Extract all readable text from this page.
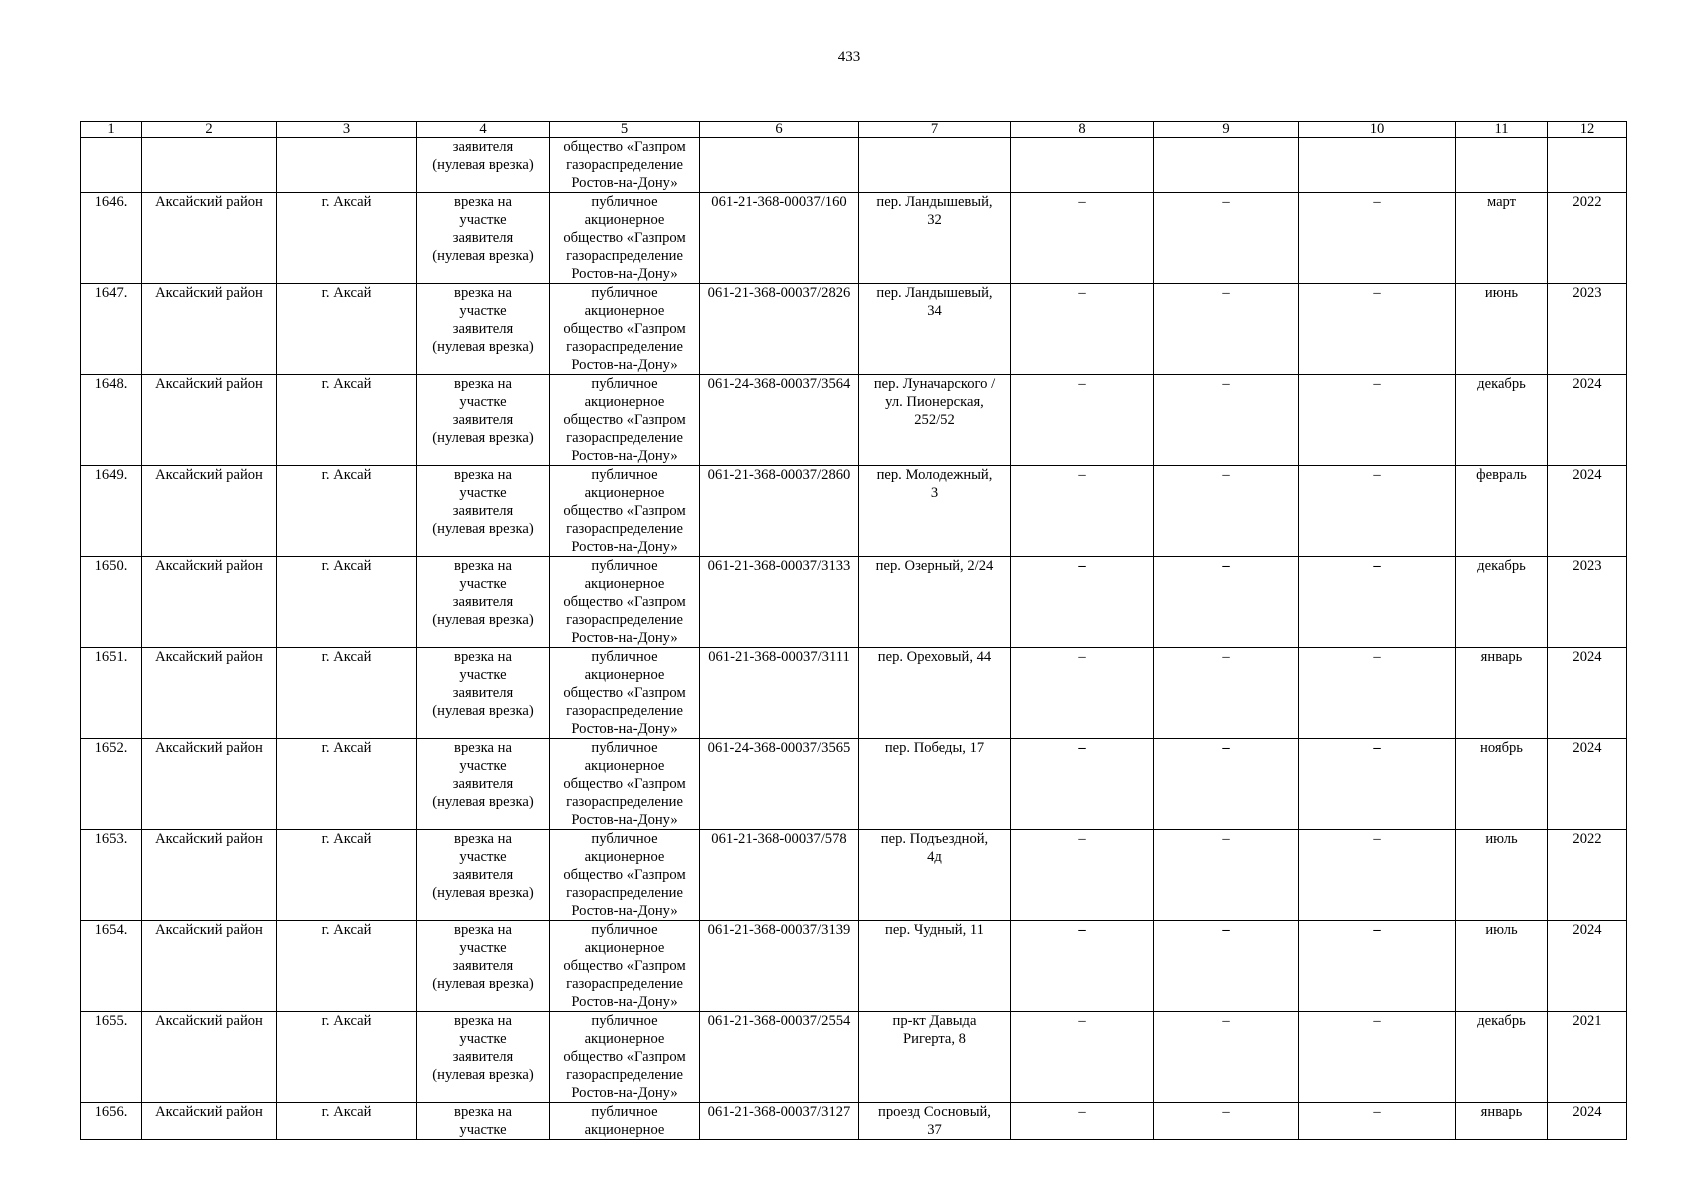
433
1	2	3	4	5	6	7	8	9	10	11	12
			заявителя
(нулевая врезка)	общество «Газпром
газораспределение
Ростов-на-Дону»							
1646.	Аксайский район	г. Аксай	врезка на
участке
заявителя
(нулевая врезка)	публичное
акционерное
общество «Газпром
газораспределение
Ростов-на-Дону»	061-21-368-00037/160	пер. Ландышевый,
32	–	–	–	март	2022
1647.	Аксайский район	г. Аксай	врезка на
участке
заявителя
(нулевая врезка)	публичное
акционерное
общество «Газпром
газораспределение
Ростов-на-Дону»	061-21-368-00037/2826	пер. Ландышевый,
34	–	–	–	июнь	2023
1648.	Аксайский район	г. Аксай	врезка на
участке
заявителя
(нулевая врезка)	публичное
акционерное
общество «Газпром
газораспределение
Ростов-на-Дону»	061-24-368-00037/3564	пер. Луначарского /
ул. Пионерская,
252/52	–	–	–	декабрь	2024
1649.	Аксайский район	г. Аксай	врезка на
участке
заявителя
(нулевая врезка)	публичное
акционерное
общество «Газпром
газораспределение
Ростов-на-Дону»	061-21-368-00037/2860	пер. Молодежный,
3	–	–	–	февраль	2024
1650.	Аксайский район	г. Аксай	врезка на
участке
заявителя
(нулевая врезка)	публичное
акционерное
общество «Газпром
газораспределение
Ростов-на-Дону»	061-21-368-00037/3133	пер. Озерный, 2/24	–	–	–	декабрь	2023
1651.	Аксайский район	г. Аксай	врезка на
участке
заявителя
(нулевая врезка)	публичное
акционерное
общество «Газпром
газораспределение
Ростов-на-Дону»	061-21-368-00037/3111	пер. Ореховый, 44	–	–	–	январь	2024
1652.	Аксайский район	г. Аксай	врезка на
участке
заявителя
(нулевая врезка)	публичное
акционерное
общество «Газпром
газораспределение
Ростов-на-Дону»	061-24-368-00037/3565	пер. Победы, 17	–	–	–	ноябрь	2024
1653.	Аксайский район	г. Аксай	врезка на
участке
заявителя
(нулевая врезка)	публичное
акционерное
общество «Газпром
газораспределение
Ростов-на-Дону»	061-21-368-00037/578	пер. Подъездной,
4д	–	–	–	июль	2022
1654.	Аксайский район	г. Аксай	врезка на
участке
заявителя
(нулевая врезка)	публичное
акционерное
общество «Газпром
газораспределение
Ростов-на-Дону»	061-21-368-00037/3139	пер. Чудный, 11	–	–	–	июль	2024
1655.	Аксайский район	г. Аксай	врезка на
участке
заявителя
(нулевая врезка)	публичное
акционерное
общество «Газпром
газораспределение
Ростов-на-Дону»	061-21-368-00037/2554	пр-кт Давыда
Ригерта, 8	–	–	–	декабрь	2021
1656.	Аксайский район	г. Аксай	врезка на
участке	публичное
акционерное	061-21-368-00037/3127	проезд Сосновый,
37	–	–	–	январь	2024
